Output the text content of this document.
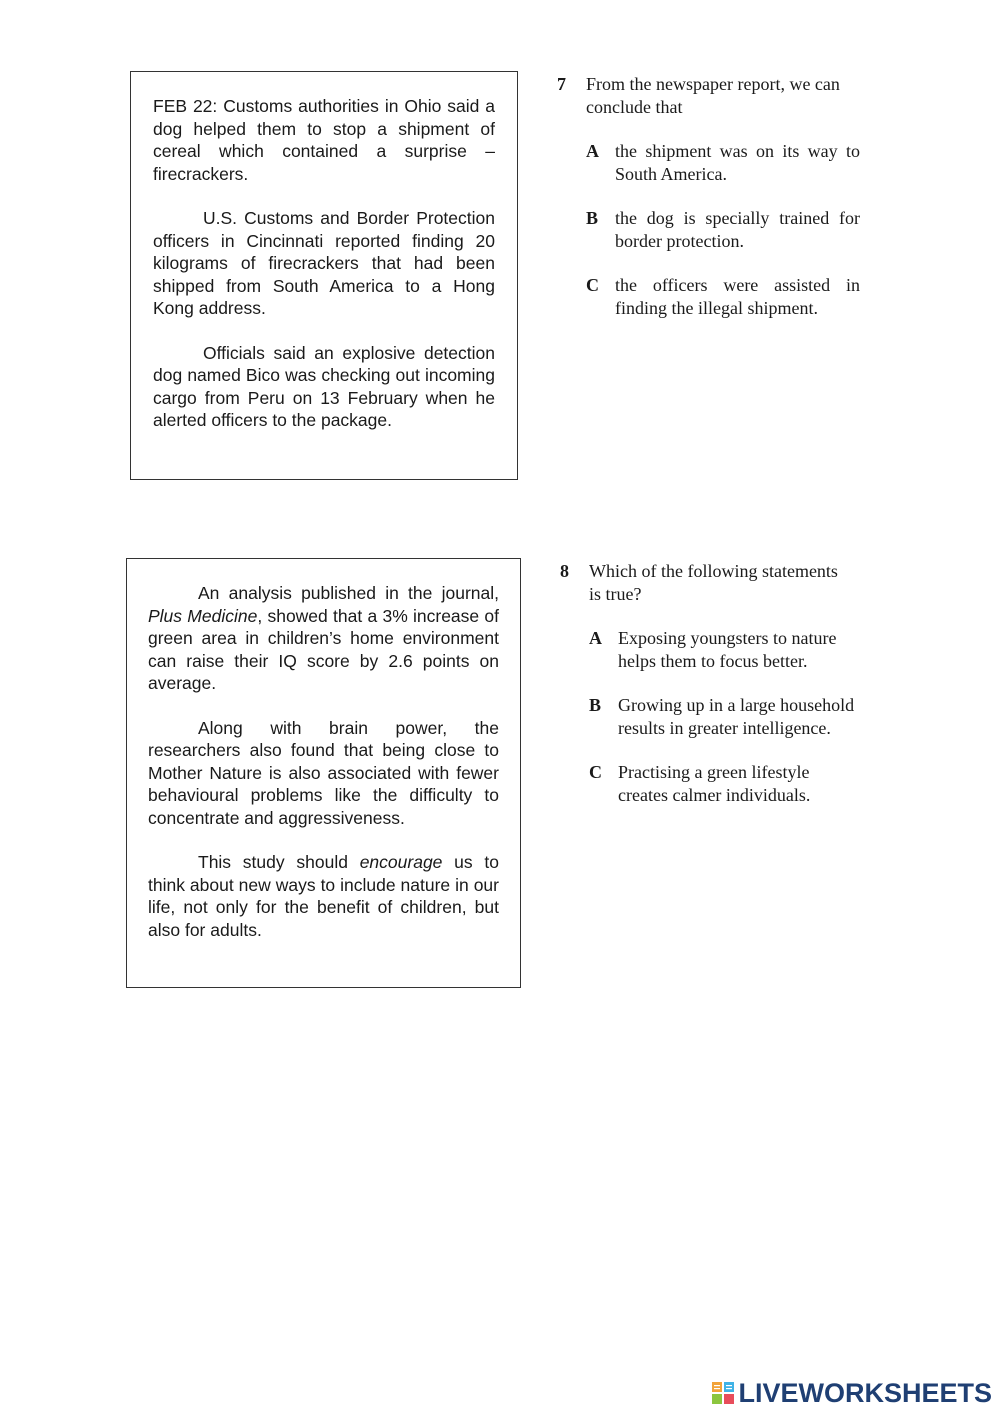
FEB 22: Customs authorities in Ohio said a dog helped them to stop a shipment of cereal which contained a surprise – firecrackers.

U.S. Customs and Border Protection officers in Cincinnati reported finding 20 kilograms of firecrackers that had been shipped from South America to a Hong Kong address.

Officials said an explosive detection dog named Bico was checking out incoming cargo from Peru on 13 February when he alerted officers to the package.

7	From the newspaper report, we can conclude that
A the shipment was on its way to South America.
B the dog is specially trained for border protection.
C the officers were assisted in finding the illegal shipment.

An analysis published in the journal, Plus Medicine, showed that a 3% increase of green area in children’s home environment can raise their IQ score by 2.6 points on average.

Along with brain power, the researchers also found that being close to Mother Nature is also associated with fewer behavioural problems like the difficulty to concentrate and aggressiveness.

This study should encourage us to think about new ways to include nature in our life, not only for the benefit of children, but also for adults.

8	Which of the following statements is true?
A Exposing youngsters to nature helps them to focus better.
B Growing up in a large household results in greater intelligence.
C Practising a green lifestyle creates calmer individuals.
LIVEWORKSHEETS
